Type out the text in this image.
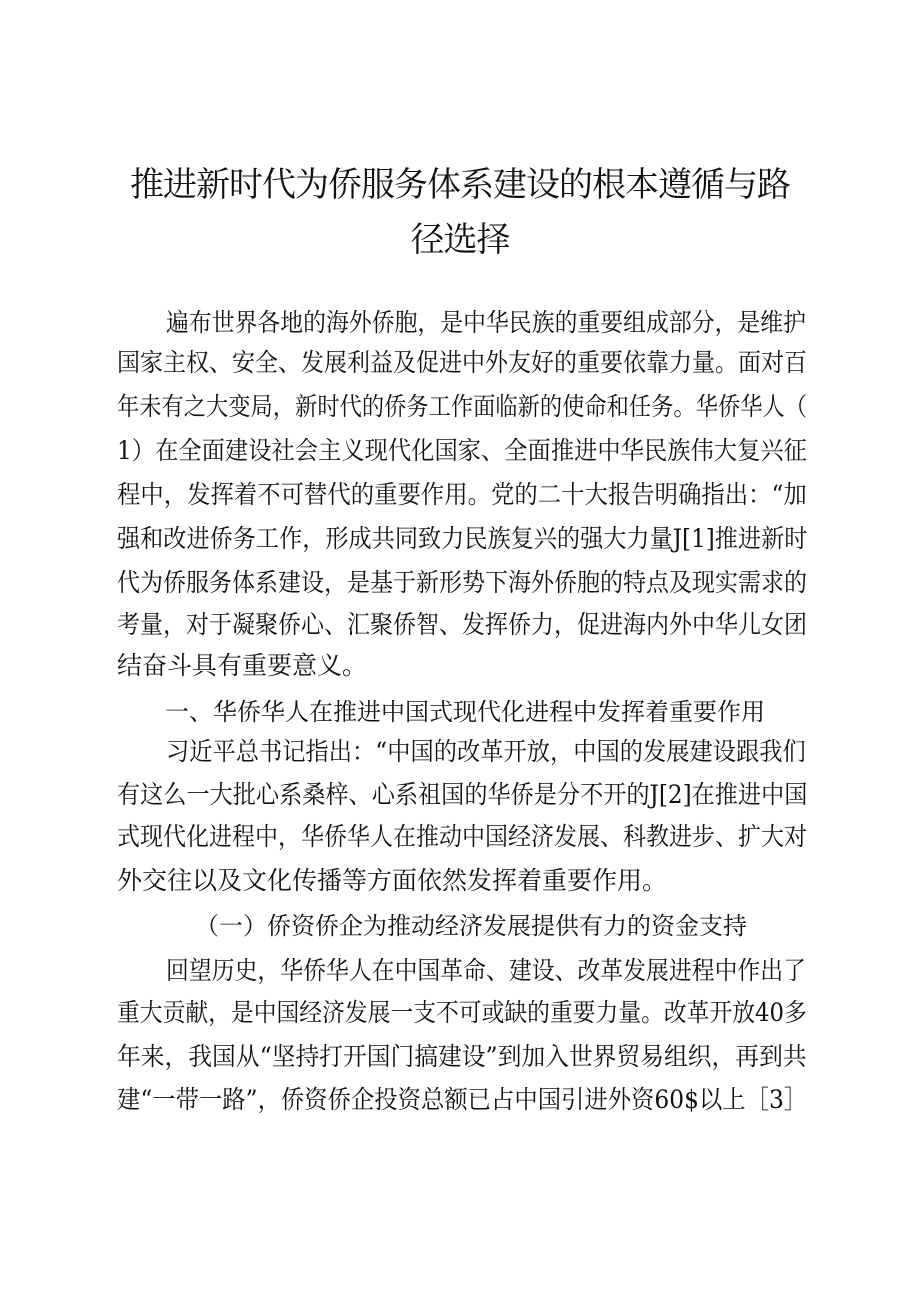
推进新时代为侨服务体系建设的根本遵循与路
径选择
遍布世界各地的海外侨胞，是中华民族的重要组成部分，是维护
国家主权、安全、发展利益及促进中外友好的重要依靠力量。面对百
年未有之大变局，新时代的侨务工作面临新的使命和任务。华侨华人（
1）在全面建设社会主义现代化国家、全面推进中华民族伟大复兴征
程中，发挥着不可替代的重要作用。党的二十大报告明确指出：“加
强和改进侨务工作，形成共同致力民族复兴的强大力量J[1]推进新时
代为侨服务体系建设，是基于新形势下海外侨胞的特点及现实需求的
考量，对于凝聚侨心、汇聚侨智、发挥侨力，促进海内外中华儿女团
结奋斗具有重要意义。
一、华侨华人在推进中国式现代化进程中发挥着重要作用
习近平总书记指出：“中国的改革开放，中国的发展建设跟我们
有这么一大批心系桑梓、心系祖国的华侨是分不开的J[2]在推进中国
式现代化进程中，华侨华人在推动中国经济发展、科教进步、扩大对
外交往以及文化传播等方面依然发挥着重要作用。
（一）侨资侨企为推动经济发展提供有力的资金支持
回望历史，华侨华人在中国革命、建设、改革发展进程中作出了
重大贡献，是中国经济发展一支不可或缺的重要力量。改革开放40多
年来，我国从“坚持打开国门搞建设”到加入世界贸易组织，再到共
建“一带一路”，侨资侨企投资总额已占中国引进外资60$以上［3］
